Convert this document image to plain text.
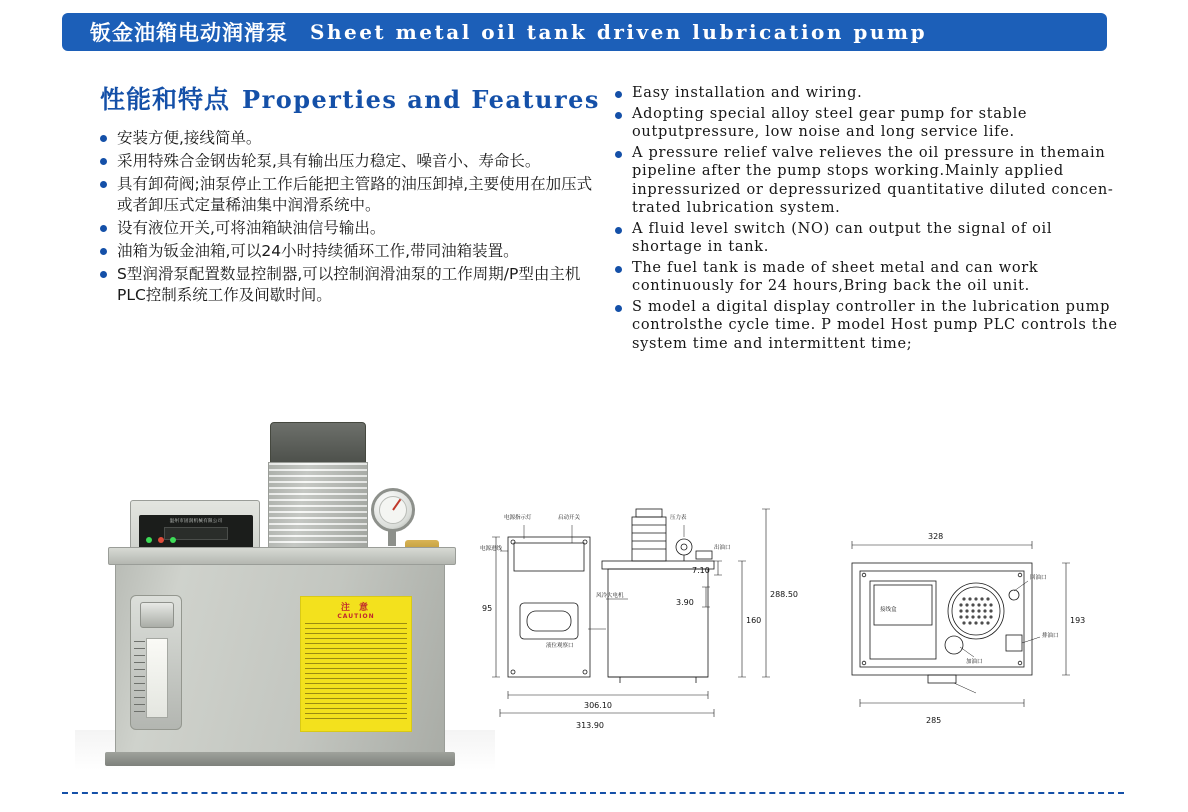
钣金油箱电动润滑泵 Sheet metal oil tank driven lubrication pump
性能和特点 Properties and Features
安装方便,接线简单。
采用特殊合金钢齿轮泵,具有输出压力稳定、噪音小、寿命长。
具有卸荷阀;油泵停止工作后能把主管路的油压卸掉,主要使用在加压式或者卸压式定量稀油集中润滑系统中。
设有液位开关,可将油箱缺油信号输出。
油箱为钣金油箱,可以24小时持续循环工作,带同油箱装置。
S型润滑泵配置数显控制器,可以控制润滑油泵的工作周期/P型由主机PLC控制系统工作及间歇时间。
Easy installation and wiring.
Adopting special alloy steel gear pump for stable outputpressure, low noise and long service life.
A pressure relief valve relieves the oil pressure in themain pipeline after the pump stops working.Mainly applied inpressurized or depressurized quantitative diluted concen-trated lubrication system.
A fluid level switch (NO) can output the signal of oil shortage in tank.
The fuel tank is made of sheet metal and can work continuously for 24 hours,Bring back the oil unit.
S model a digital display controller in the lubrication pump controlsthe cycle time. P model Host pump PLC controls the system time and intermittent time;
温州市固润机械有限公司
注 意
CAUTION
电源指示灯	启动开关	压力表
电源进线	出油口
风冷大电机
液位观察口
95
288.50
160
7.10
3.90
306.10
313.90
328
285
193
接线盒
加油口
回油口
排油口
